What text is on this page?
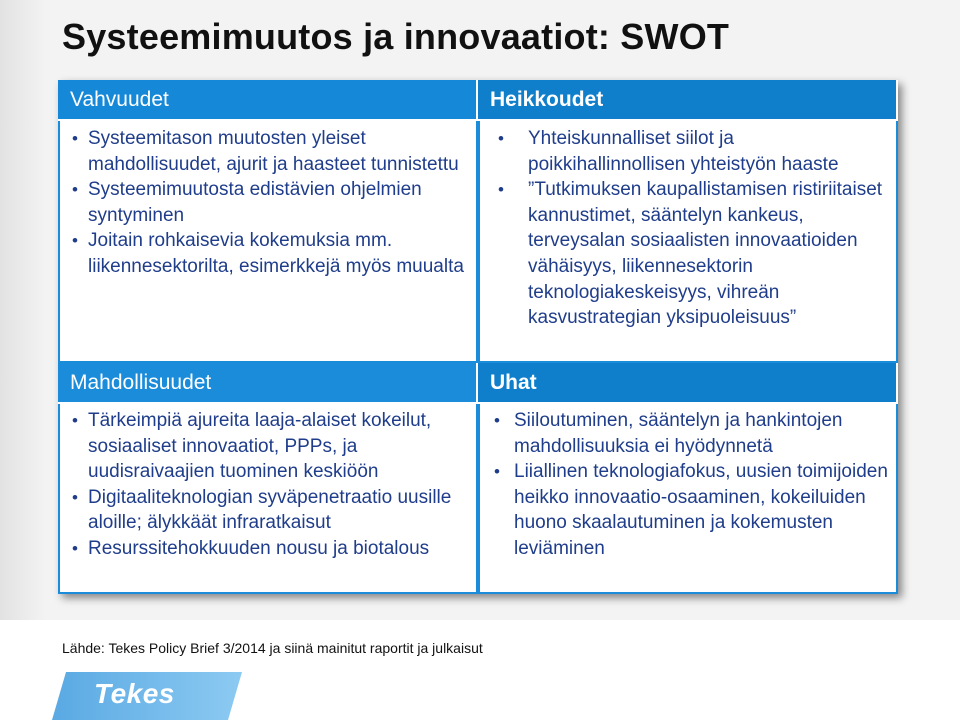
Systeemimuutos ja innovaatiot: SWOT
Vahvuudet
• Systeemitason muutosten yleiset mahdollisuudet, ajurit ja haasteet tunnistettu
• Systeemimuutosta edistävien ohjelmien syntyminen
• Joitain rohkaisevia kokemuksia mm. liikennesektorilta, esimerkkejä myös muualta
Heikkoudet
• Yhteiskunnalliset siilot ja poikkihallinnollisen yhteistyön haaste
• ”Tutkimuksen kaupallistamisen ristiriitaiset kannustimet, sääntelyn kankeus, terveysalan sosiaalisten innovaatioiden vähäisyys, liikennesektorin teknologiakeskeisyys, vihreän kasvustrategian yksipuoleisuus”
Mahdollisuudet
• Tärkeimpiä ajureita laaja-alaiset kokeilut, sosiaaliset innovaatiot, PPPs, ja uudisraivaajien tuominen keskiöön
• Digitaaliteknologian syväpenetraatio uusille aloille; älykkäät infraratkaisut
• Resurssitehokkuuden nousu ja biotalous
Uhat
• Siiloutuminen, sääntelyn ja hankintojen mahdollisuuksia ei hyödynnetä
• Liiallinen teknologiafokus, uusien toimijoiden heikko innovaatio-osaaminen, kokeiluiden huono skaalautuminen ja kokemusten leviäminen
Lähde: Tekes Policy Brief 3/2014 ja siinä mainitut raportit ja julkaisut
Tekes
